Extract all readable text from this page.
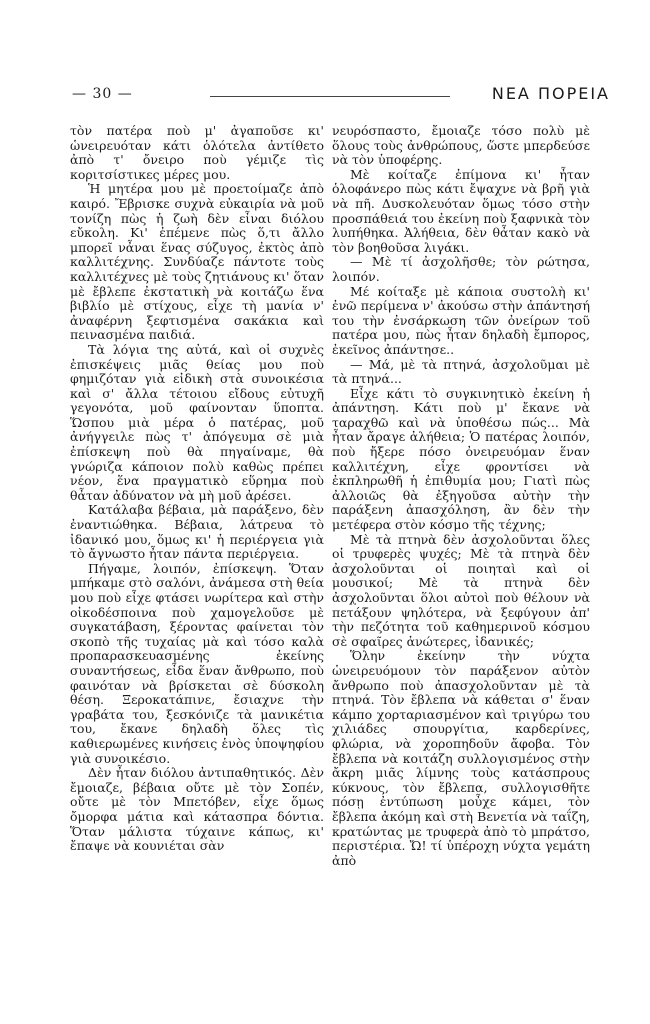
— 30 —	ΝΕΑ ΠΟΡΕΙΑ

τὸν πατέρα ποὺ μ' ἀγαποῦσε κι' ὡνειρευόταν κάτι ὁλότελα ἀντίθετο ἀπὸ τ' ὄνειρο ποὺ γέμιζε τὶς κοριτσίστικες μέρες μου.

Ἡ μητέρα μου μὲ προετοίμαζε ἀπὸ καιρό. Ἔβρισκε συχνὰ εὐκαιρία νὰ μοῦ τονίζη πὼς ἡ ζωὴ δὲν εἶναι διόλου εὔκολη. Κι' ἐπέμενε πὼς ὅ,τι ἄλλο μπορεῖ νἆναι ἕνας σύζυγος, ἐκτὸς ἀπὸ καλλιτέχνης. Συνδύαζε πάντοτε τοὺς καλλιτέχνες μὲ τοὺς ζητιάνους κι' ὅταν μὲ ἔβλεπε ἐκστατικὴ νὰ κοιτάζω ἕνα βιβλίο μὲ στίχους, εἶχε τὴ μανία ν' ἀναφέρνη ξεφτισμένα σακάκια καὶ πεινασμένα παιδιά.

Τὰ λόγια της αὐτά, καὶ οἱ συχνὲς ἐπισκέψεις μιᾶς θείας μου ποὺ φημιζόταν γιὰ εἰδικὴ στὰ συνοικέσια καὶ σ' ἄλλα τέτοιου εἴδους εὐτυχῆ γεγονότα, μοῦ φαίνονταν ὕποπτα. Ὥσπου μιὰ μέρα ὁ πατέρας, μοῦ ἀνήγγειλε πὼς τ' ἀπόγευμα σὲ μιὰ ἐπίσκεψη ποὺ θὰ πηγαίναμε, θὰ γνώριζα κάποιον πολὺ καθὼς πρέπει νέον, ἕνα πραγματικὸ εὕρημα ποὺ θἆταν ἀδύνατον νὰ μὴ μοῦ ἀρέσει.

Κατάλαβα βέβαια, μὰ παράξενο, δὲν ἐναντιώθηκα. Βέβαια, λάτρευα τὸ ἰδανικό μου, ὅμως κι' ἡ περιέργεια γιὰ τὸ ἄγνωστο ἦταν πάντα περιέργεια.

Πήγαμε, λοιπόν, ἐπίσκεψη. Ὅταν μπήκαμε στὸ σαλόνι, ἀνάμεσα στὴ θεία μου ποὺ εἶχε φτάσει νωρίτερα καὶ στὴν οἰκοδέσποινα ποὺ χαμογελοῦσε μὲ συγκατάβαση, ξέροντας φαίνεται τὸν σκοπὸ τῆς τυχαίας μὰ καὶ τόσο καλὰ προπαρασκευασμένης ἐκείνης συναντήσεως, εἶδα ἕναν ἄνθρωπο, ποὺ φαινόταν νὰ βρίσκεται σὲ δύσκολη θέση. Ξεροκατάπινε, ἔσιαχνε τὴν γραβάτα του, ξεσκόνιζε τὰ μανικέτια του, ἔκανε δηλαδὴ ὅλες τὶς καθιερωμένες κινήσεις ἑνὸς ὑποψηφίου γιὰ συνοικέσιο.

Δὲν ἦταν διόλου ἀντιπαθητικός. Δὲν ἔμοιαζε, βέβαια οὔτε μὲ τὸν Σοπέν, οὔτε μὲ τὸν Μπετόβεν, εἶχε ὅμως ὄμορφα μάτια καὶ κάτασπρα δόντια. Ὅταν μάλιστα τύχαινε κάπως, κι' ἔπαψε νὰ κουνιέται σὰν

νευρόσπαστο, ἔμοιαζε τόσο πολὺ μὲ ὅλους τοὺς ἀνθρώπους, ὥστε μπερδεύσε νὰ τὸν ὑποφέρης.

Μὲ κοίταζε ἐπίμονα κι' ἦταν ὁλοφάνερο πὼς κάτι ἔψαχνε νὰ βρῆ γιὰ νὰ πῆ. Δυσκολευόταν ὅμως τόσο στὴν προσπάθειά του ἐκείνη ποὺ ξαφνικὰ τὸν λυπήθηκα. Ἀλήθεια, δὲν θἆταν κακὸ νὰ τὸν βοηθοῦσα λιγάκι.

— Μὲ τί ἀσχολῆσθε; τὸν ρώτησα, λοιπόν.

Μέ κοίταξε μὲ κάποια συστολὴ κι' ἐνῶ περίμενα ν' ἀκούσω στὴν ἀπάντησή του τὴν ἐνσάρκωση τῶν ὀνείρων τοῦ πατέρα μου, πὼς ἦταν δηλαδὴ ἔμπορος, ἐκεῖνος ἀπάντησε..

— Μά, μὲ τὰ πτηνά, ἀσχολοῦμαι μὲ τὰ πτηνά...

Εἶχε κάτι τὸ συγκινητικὸ ἐκείνη ἡ ἀπάντηση. Κάτι ποὺ μ' ἔκανε νὰ ταραχθῶ καὶ νὰ ὑποθέσω πώς... Μὰ ἦταν ἄραγε ἀλήθεια; Ὁ πατέρας λοιπόν, ποὺ ἤξερε πόσο ὀνειρευόμαν ἕναν καλλιτέχνη, εἶχε φροντίσει νὰ ἐκπληρωθῆ ἡ ἐπιθυμία μου; Γιατὶ πὼς ἀλλοιῶς θὰ ἐξηγοῦσα αὐτὴν τὴν παράξενη ἀπασχόληση, ἂν δὲν τὴν μετέφερα στὸν κόσμο τῆς τέχνης;

Μὲ τὰ πτηνὰ δὲν ἀσχολοῦνται ὅλες οἱ τρυφερὲς ψυχές; Μὲ τὰ πτηνὰ δὲν ἀσχολοῦνται οἱ ποιηταὶ καὶ οἱ μουσικοί; Μὲ τὰ πτηνὰ δὲν ἀσχολοῦνται ὅλοι αὐτοὶ ποὺ θέλουν νὰ πετάξουν ψηλότερα, νὰ ξεφύγουν ἀπ' τὴν πεζότητα τοῦ καθημερινοῦ κόσμου σὲ σφαῖρες ἀνώτερες, ἰδανικές;

Ὅλην ἐκείνην τὴν νύχτα ὡνειρευόμουν τὸν παράξενον αὐτὸν ἄνθρωπο ποὺ ἀπασχολοῦνταν μὲ τὰ πτηνά. Τὸν ἔβλεπα νὰ κάθεται σ' ἕναν κάμπο χορταριασμένον καὶ τριγύρω του χιλιάδες σπουργίτια, καρδερίνες, φλώρια, νὰ χοροπηδοῦν ἄφοβα. Τὸν ἔβλεπα νὰ κοιτάζη συλλογισμένος στὴν ἄκρη μιᾶς λίμνης τοὺς κατάσπρους κύκνους, τὸν ἔβλεπα, συλλογισθῆτε πόσῃ ἐντύπωση μοὖχε κάμει, τὸν ἔβλεπα ἀκόμη καὶ στὴ Βενετία νὰ ταΐζη, κρατώντας με τρυφερὰ ἀπὸ τὸ μπράτσο, περιστέρια. Ὤ! τί ὑπέροχη νύχτα γεμάτη ἀπὸ
